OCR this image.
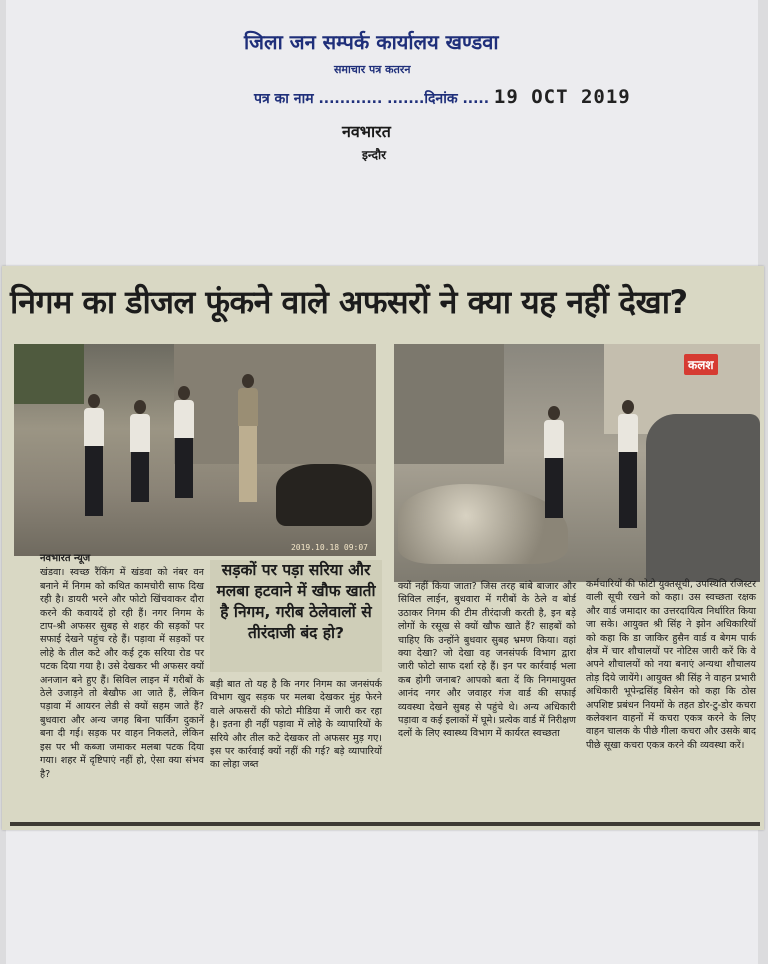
जिला जन सम्पर्क कार्यालय खण्डवा
समाचार पत्र कतरन
पत्र का नाम ............ .......दिनांक ..... 19 OCT 2019
नवभारत
इन्दौर
निगम का डीजल फूंकने वाले अफसरों ने क्या यह नहीं देखा?
2019.10.18 09:07
कलश
सड़कों पर पड़ा सरिया और मलबा हटवाने में खौफ खाती है निगम, गरीब ठेलेवालों से तीरंदाजी बंद हो?

नवभारत न्यूज

खंडवा। स्वच्छ रैंकिंग में खंडवा को नंबर वन बनाने में निगम को कथित कामचोरी साफ दिख रही है। डायरी भरने और फोटो खिंचवाकर दौरा करने की कवायदें हो रही हैं। नगर निगम के टाप-श्री अफसर सुबह से शहर की सड़कों पर सफाई देखने पहुंच रहे हैं। पड़ावा में सड़कों पर लोहे के तील कटे और कई ट्रक सरिया रोड पर पटक दिया गया है। उसे देखकर भी अफसर क्यों अनजान बने हुए हैं। सिविल लाइन में गरीबों के ठेले उजाड़ने तो बेखौफ आ जाते हैं, लेकिन पड़ावा में आयरन लेडी से क्यों सहम जाते हैं? बुधवारा और अन्य जगह बिना पार्किंग दुकानें बना दी गई। सड़क पर वाहन निकलते, लेकिन इस पर भी कब्जा जमाकर मलबा पटक दिया गया। शहर में दृष्टिपाएं नहीं हो, ऐसा क्या संभव है?

बड़ी बात तो यह है कि नगर निगम का जनसंपर्क विभाग खुद सड़क पर मलबा देखकर मुंह फेरने वाले अफसरों की फोटो मीडिया में जारी कर रहा है। इतना ही नहीं पड़ावा में लोहे के व्यापारियों के सरिये और तील कटे देखकर तो अफसर मुड़ गए। इस पर कार्रवाई क्यों नहीं की गई? बड़े व्यापारियों का लोहा जब्त

क्यों नहीं किया जाता? जिस तरह बांबे बाजार और सिविल लाईन, बुधवारा में गरीबों के ठेले व बोर्ड उठाकर निगम की टीम तीरंदाजी करती है, इन बड़े लोगों के रसूख से क्यों खौफ खाते हैं? साहबों को चाहिए कि उन्होंने बुधवार सुबह भ्रमण किया। वहां क्या देखा? जो देखा वह जनसंपर्क विभाग द्वारा जारी फोटो साफ दर्शा रहे हैं। इन पर कार्रवाई भला कब होगी जनाब? आपको बता दें कि निगमायुक्त आनंद नगर और जवाहर गंज वार्ड की सफाई व्यवस्था देखने सुबह से पहुंचे थे। अन्य अधिकारी पड़ावा व कई इलाकों में घूमे। प्रत्येक वार्ड में निरीक्षण दलों के लिए स्वास्थ्य विभाग में कार्यरत स्वच्छता

कर्मचारियों की फोटो युक्तसूची, उपस्थिति रजिस्टर वाली सूची रखने को कहा। उस स्वच्छता रक्षक और वार्ड जमादार का उत्तरदायित्व निर्धारित किया जा सके। आयुक्त श्री सिंह ने झोन अधिकारियों को कहा कि डा जाकिर हुसैन वार्ड व बेगम पार्क क्षेत्र में चार शौचालयों पर नोटिस जारी करें कि वे अपने शौचालयों को नया बनाएं अन्यथा शौचालय तोड़ दिये जायेंगे। आयुक्त श्री सिंह ने वाहन प्रभारी अधिकारी भूपेन्द्रसिंह बिसेन को कहा कि ठोस अपशिष्ट प्रबंधन नियमों के तहत डोर-टु-डोर कचरा कलेक्शन वाहनों में कचरा एकत्र करने के लिए वाहन चालक के पीछे गीला कचरा और उसके बाद पीछे सूखा कचरा एकत्र करने की व्यवस्था करें।
